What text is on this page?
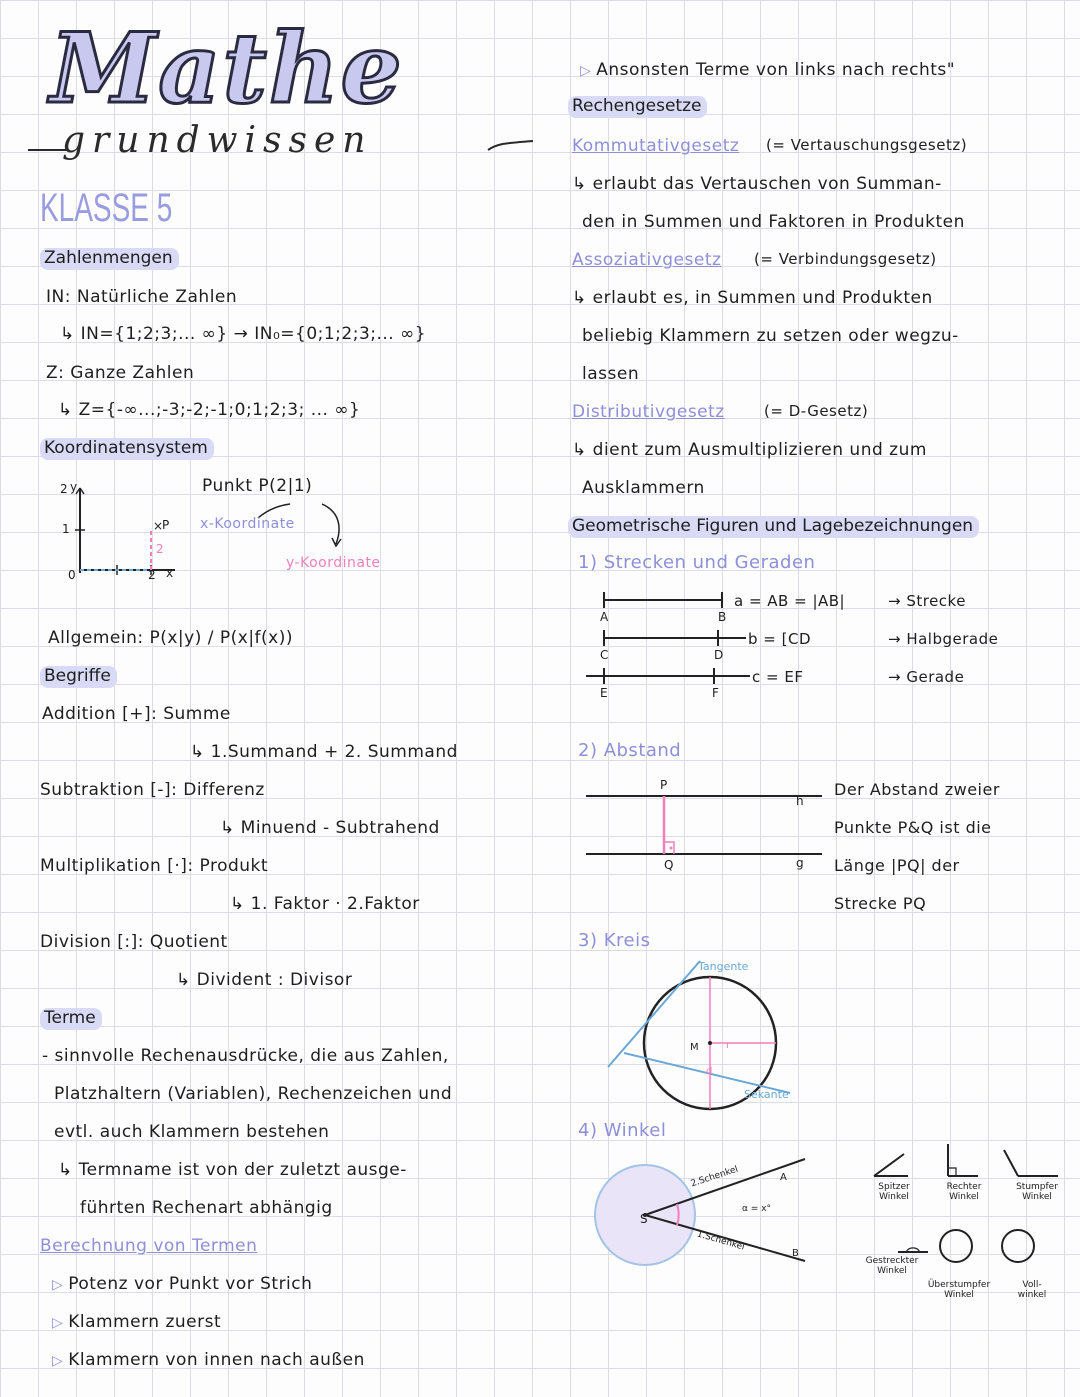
Mathe
grundwissen
KLASSE 5
Zahlenmengen
IN: Natürliche Zahlen
↳ IN={1;2;3;... ∞} → IN₀={0;1;2;3;... ∞}
Z: Ganze Zahlen
↳ Z={-∞...;-3;-2;-1;0;1;2;3; ... ∞}
Koordinatensystem
×
2 y
1
0	2 x
P
2
Punkt P(2|1)
x-Koordinate
y-Koordinate
Allgemein: P(x|y) / P(x|f(x))
Begriffe
Addition [+]: Summe
↳ 1.Summand + 2. Summand
Subtraktion [-]: Differenz
↳ Minuend - Subtrahend
Multiplikation [·]: Produkt
↳ 1. Faktor · 2.Faktor
Division [:]: Quotient
↳ Divident : Divisor
Terme
- sinnvolle Rechenausdrücke, die aus Zahlen,
Platzhaltern (Variablen), Rechenzeichen und
evtl. auch Klammern bestehen
↳ Termname ist von der zuletzt ausge-
führten Rechenart abhängig
Berechnung von Termen
▷ Potenz vor Punkt vor Strich
▷ Klammern zuerst
▷ Klammern von innen nach außen
▷ Ansonsten Terme von links nach rechts"
Rechengesetze
Kommutativgesetz (= Vertauschungsgesetz)
↳ erlaubt das Vertauschen von Summan-
den in Summen und Faktoren in Produkten
Assoziativgesetz (= Verbindungsgesetz)
↳ erlaubt es, in Summen und Produkten
beliebig Klammern zu setzen oder wegzu-
lassen
Distributivgesetz	(= D-Gesetz)
↳ dient zum Ausmultiplizieren und zum
Ausklammern
Geometrische Figuren und Lagebezeichnungen
1) Strecken und Geraden
A	B
C	D
E	F
a = AB = |AB|
b = [CD
c = EF
→ Strecke
→ Halbgerade
→ Gerade
2) Abstand
P
Q
h
g
Der Abstand zweier
Punkte P&Q ist die
Länge |PQ| der
Strecke PQ
3) Kreis
Tangente
Sekante
M	r
d
4) Winkel
S
A
B
2.Schenkel
1.Schenkel
α = x°
Spitzer Winkel
Rechter Winkel
Stumpfer Winkel
Gestreckter Winkel
Überstumpfer Winkel
Voll-winkel
